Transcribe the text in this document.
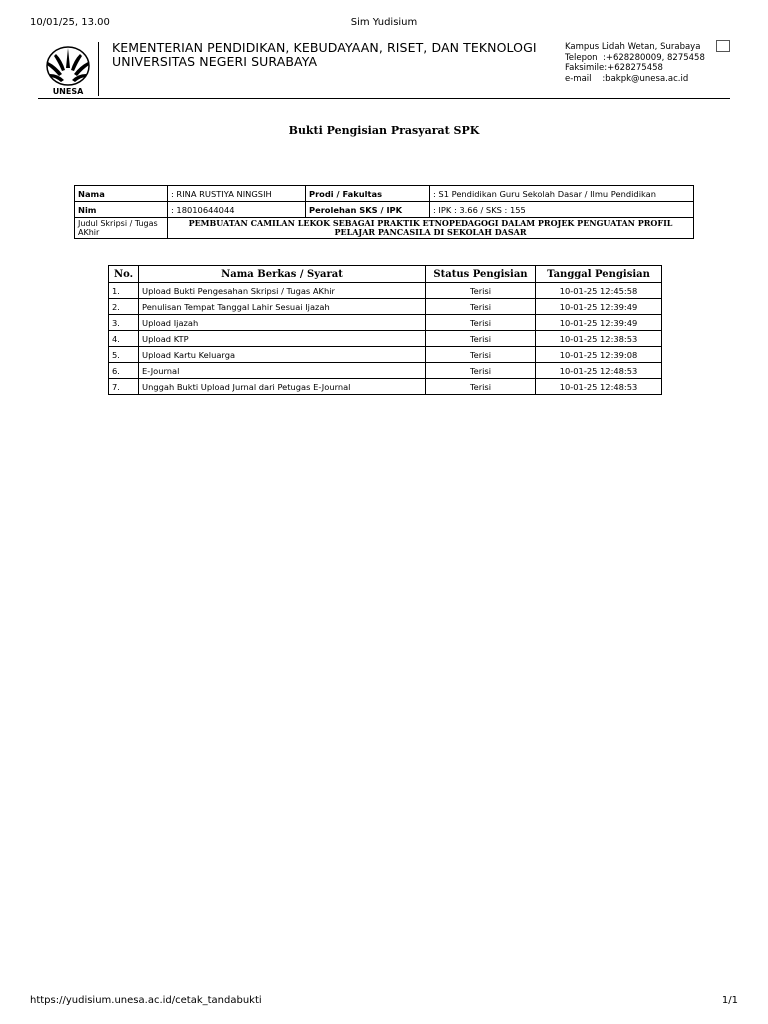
10/01/25, 13.00	Sim Yudisium
UNESA
KEMENTERIAN PENDIDIKAN, KEBUDAYAAN, RISET, DAN TEKNOLOGI
UNIVERSITAS NEGERI SURABAYA
Kampus Lidah Wetan, Surabaya
Telepon  :+628280009, 8275458
Faksimile:+628275458
e-mail    :bakpk@unesa.ac.id
Bukti Pengisian Prasyarat SPK
Nama	: RINA RUSTIYA NINGSIH	Prodi / Fakultas	: S1 Pendidikan Guru Sekolah Dasar / Ilmu Pendidikan
Nim	: 18010644044	Perolehan SKS / IPK	: IPK : 3.66 / SKS : 155
Judul Skripsi / Tugas AKhir	PEMBUATAN CAMILAN LEKOK SEBAGAI PRAKTIK ETNOPEDAGOGI DALAM PROJEK PENGUATAN PROFIL PELAJAR PANCASILA DI SEKOLAH DASAR		
No.	Nama Berkas / Syarat	Status Pengisian	Tanggal Pengisian
1.	Upload Bukti Pengesahan Skripsi / Tugas AKhir	Terisi	10-01-25 12:45:58
2.	Penulisan Tempat Tanggal Lahir Sesuai Ijazah	Terisi	10-01-25 12:39:49
3.	Upload Ijazah	Terisi	10-01-25 12:39:49
4.	Upload KTP	Terisi	10-01-25 12:38:53
5.	Upload Kartu Keluarga	Terisi	10-01-25 12:39:08
6.	E-Journal	Terisi	10-01-25 12:48:53
7.	Unggah Bukti Upload Jurnal dari Petugas E-Journal	Terisi	10-01-25 12:48:53
https://yudisium.unesa.ac.id/cetak_tandabukti	1/1
